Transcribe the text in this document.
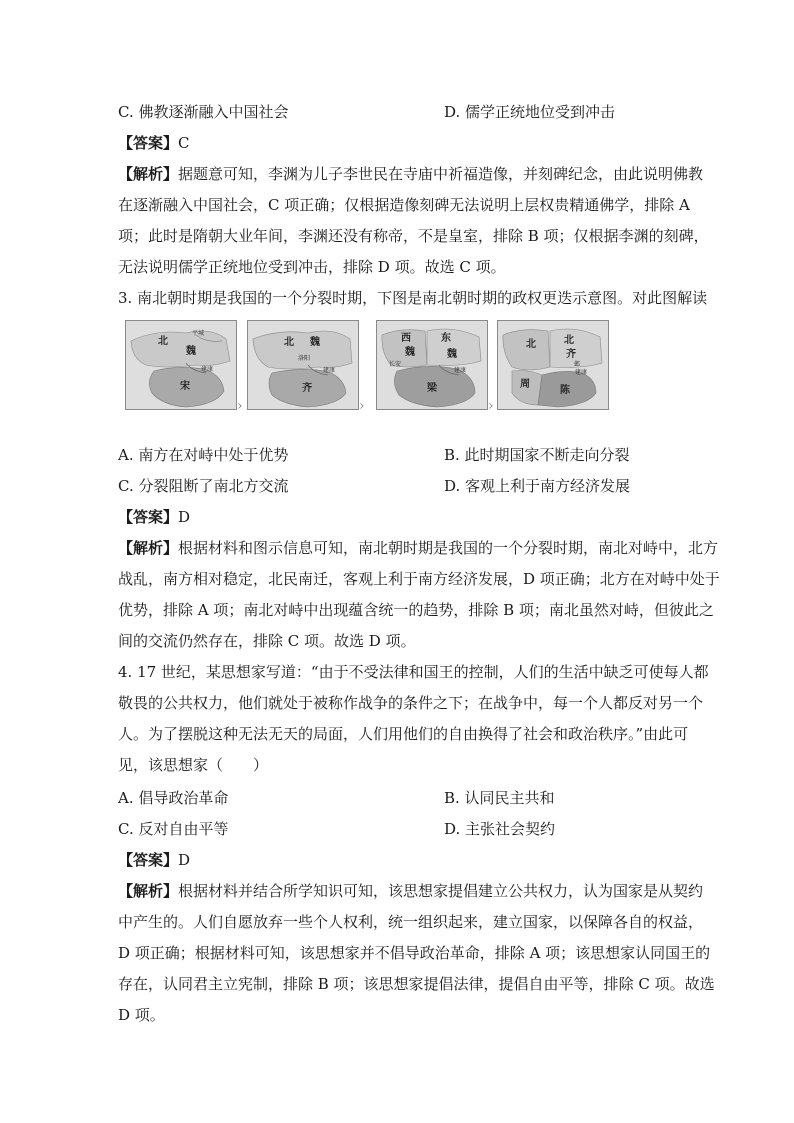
C. 佛教逐渐融入中国社会	D. 儒学正统地位受到冲击
【答案】C
【解析】据题意可知，李渊为儿子李世民在寺庙中祈福造像，并刻碑纪念，由此说明佛教
在逐渐融入中国社会，C 项正确；仅根据造像刻碑无法说明上层权贵精通佛学，排除 A
项；此时是隋朝大业年间，李渊还没有称帝，不是皇室，排除 B 项；仅根据李渊的刻碑，
无法说明儒学正统地位受到冲击，排除 D 项。故选 C 项。
3. 南北朝时期是我国的一个分裂时期，下图是南北朝时期的政权更迭示意图。对此图解读
北
魏
宋
建康
平城
›
北 魏
齐
建康
洛阳
›
西	东
魏	魏
梁
建康
长安
›
北	北
齐
周
陈
建康
邺
A. 南方在对峙中处于优势	B. 此时期国家不断走向分裂
C. 分裂阻断了南北方交流	D. 客观上利于南方经济发展
【答案】D
【解析】根据材料和图示信息可知，南北朝时期是我国的一个分裂时期，南北对峙中，北方
战乱，南方相对稳定，北民南迁，客观上利于南方经济发展，D 项正确；北方在对峙中处于
优势，排除 A 项；南北对峙中出现蕴含统一的趋势，排除 B 项；南北虽然对峙，但彼此之
间的交流仍然存在，排除 C 项。故选 D 项。
4. 17 世纪，某思想家写道：“由于不受法律和国王的控制，人们的生活中缺乏可使每人都
敬畏的公共权力，他们就处于被称作战争的条件之下；在战争中，每一个人都反对另一个
人。为了摆脱这种无法无天的局面，人们用他们的自由换得了社会和政治秩序。”由此可
见，该思想家（　　）
A. 倡导政治革命	B. 认同民主共和
C. 反对自由平等	D. 主张社会契约
【答案】D
【解析】根据材料并结合所学知识可知，该思想家提倡建立公共权力，认为国家是从契约
中产生的。人们自愿放弃一些个人权利，统一组织起来，建立国家，以保障各自的权益，
D 项正确；根据材料可知，该思想家并不倡导政治革命，排除 A 项；该思想家认同国王的
存在，认同君主立宪制，排除 B 项；该思想家提倡法律，提倡自由平等，排除 C 项。故选
D 项。
